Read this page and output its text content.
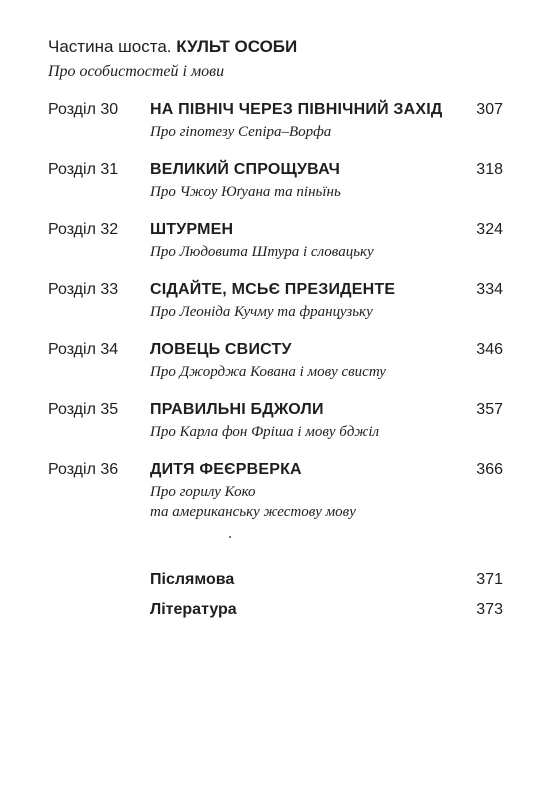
Частина шоста. КУЛЬТ ОСОБИ
Про особистостей і мови
Розділ 30 НА ПІВНІЧ ЧЕРЕЗ ПІВНІЧНИЙ ЗАХІД
Про гіпотезу Сепіра–Ворфа
307
Розділ 31 ВЕЛИКИЙ СПРОЩУВАЧ
Про Чжоу Юґуана та піньїнь
318
Розділ 32 ШТУРМЕН
Про Людовита Штура і словацьку
324
Розділ 33 СІДАЙТЕ, МСЬЄ ПРЕЗИДЕНТЕ
Про Леоніда Кучму та французьку
334
Розділ 34 ЛОВЕЦЬ СВИСТУ
Про Джорджа Кована і мову свисту
346
Розділ 35 ПРАВИЛЬНІ БДЖОЛИ
Про Карла фон Фріша і мову бджіл
357
Розділ 36 ДИТЯ ФЕЄРВЕРКА
Про горилу Коко
та американську жестову мову
366
Післямова	371
Література	373
